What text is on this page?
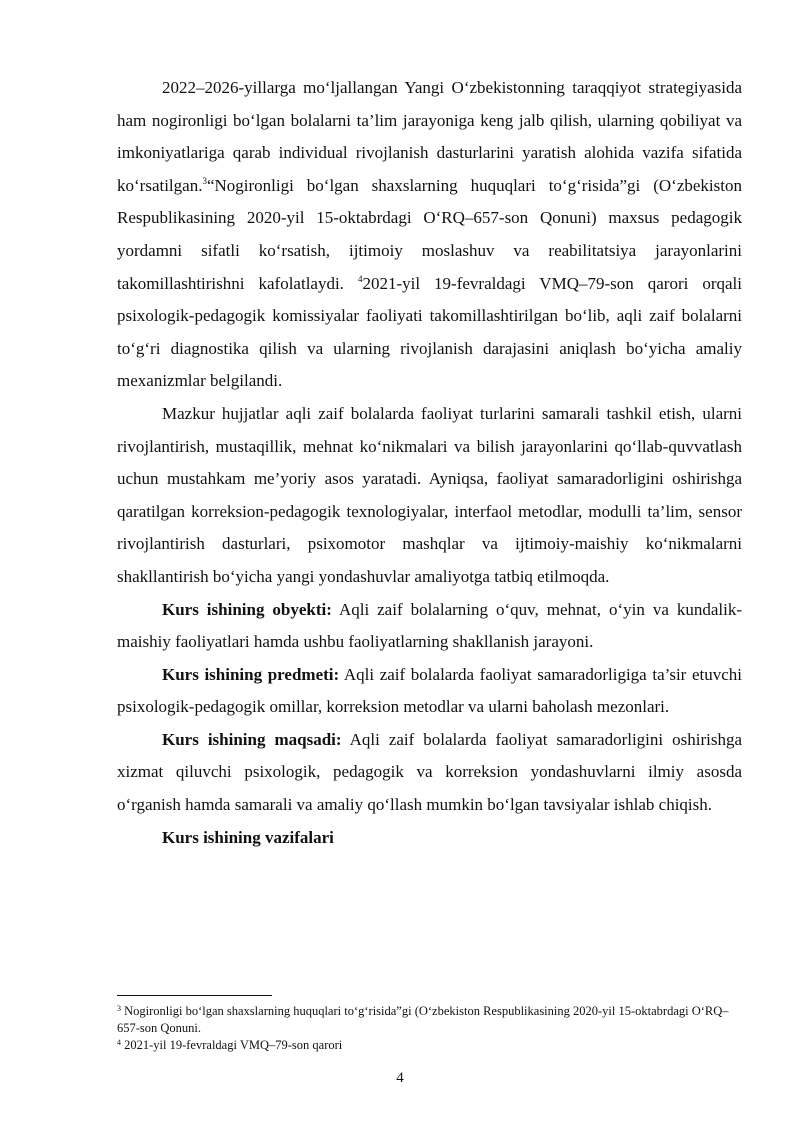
2022–2026-yillarga mo‘ljallangan Yangi O‘zbekistonning taraqqiyot strategiyasida ham nogironligi bo‘lgan bolalarni ta’lim jarayoniga keng jalb qilish, ularning qobiliyat va imkoniyatlariga qarab individual rivojlanish dasturlarini yaratish alohida vazifa sifatida ko‘rsatilgan.$^3$“Nogironligi bo‘lgan shaxslarning huquqlari to‘g‘risida”gi (O‘zbekiston Respublikasining 2020-yil 15-oktabrdagi O‘RQ–657-son Qonuni) maxsus pedagogik yordamni sifatli ko‘rsatish, ijtimoiy moslashuv va reabilitatsiya jarayonlarini takomillashtirishni kafolatlaydi. $^4$2021-yil 19-fevraldagi VMQ–79-son qarori orqali psixologik-pedagogik komissiyalar faoliyati takomillashtirilgan bo‘lib, aqli zaif bolalarni to‘g‘ri diagnostika qilish va ularning rivojlanish darajasini aniqlash bo‘yicha amaliy mexanizmlar belgilandi.

Mazkur hujjatlar aqli zaif bolalarda faoliyat turlarini samarali tashkil etish, ularni rivojlantirish, mustaqillik, mehnat ko‘nikmalari va bilish jarayonlarini qo‘llab-quvvatlash uchun mustahkam me’yoriy asos yaratadi. Ayniqsa, faoliyat samaradorligini oshirishga qaratilgan korreksion-pedagogik texnologiyalar, interfaol metodlar, modulli ta’lim, sensor rivojlantirish dasturlari, psixomotor mashqlar va ijtimoiy-maishiy ko‘nikmalarni shakllantirish bo‘yicha yangi yondashuvlar amaliyotga tatbiq etilmoqda.

Kurs ishining obyekti: Aqli zaif bolalarning o‘quv, mehnat, o‘yin va kundalik-maishiy faoliyatlari hamda ushbu faoliyatlarning shakllanish jarayoni.

Kurs ishining predmeti: Aqli zaif bolalarda faoliyat samaradorligiga ta’sir etuvchi psixologik-pedagogik omillar, korreksion metodlar va ularni baholash mezonlari.

Kurs ishining maqsadi: Aqli zaif bolalarda faoliyat samaradorligini oshirishga xizmat qiluvchi psixologik, pedagogik va korreksion yondashuvlarni ilmiy asosda o‘rganish hamda samarali va amaliy qo‘llash mumkin bo‘lgan tavsiyalar ishlab chiqish.

Kurs ishining vazifalari

$^3$ Nogironligi bo‘lgan shaxslarning huquqlari to‘g‘risida”gi (O‘zbekiston Respublikasining 2020-yil 15-oktabrdagi O‘RQ–657-son Qonuni.

$^4$ 2021-yil 19-fevraldagi VMQ–79-son qarori

4
